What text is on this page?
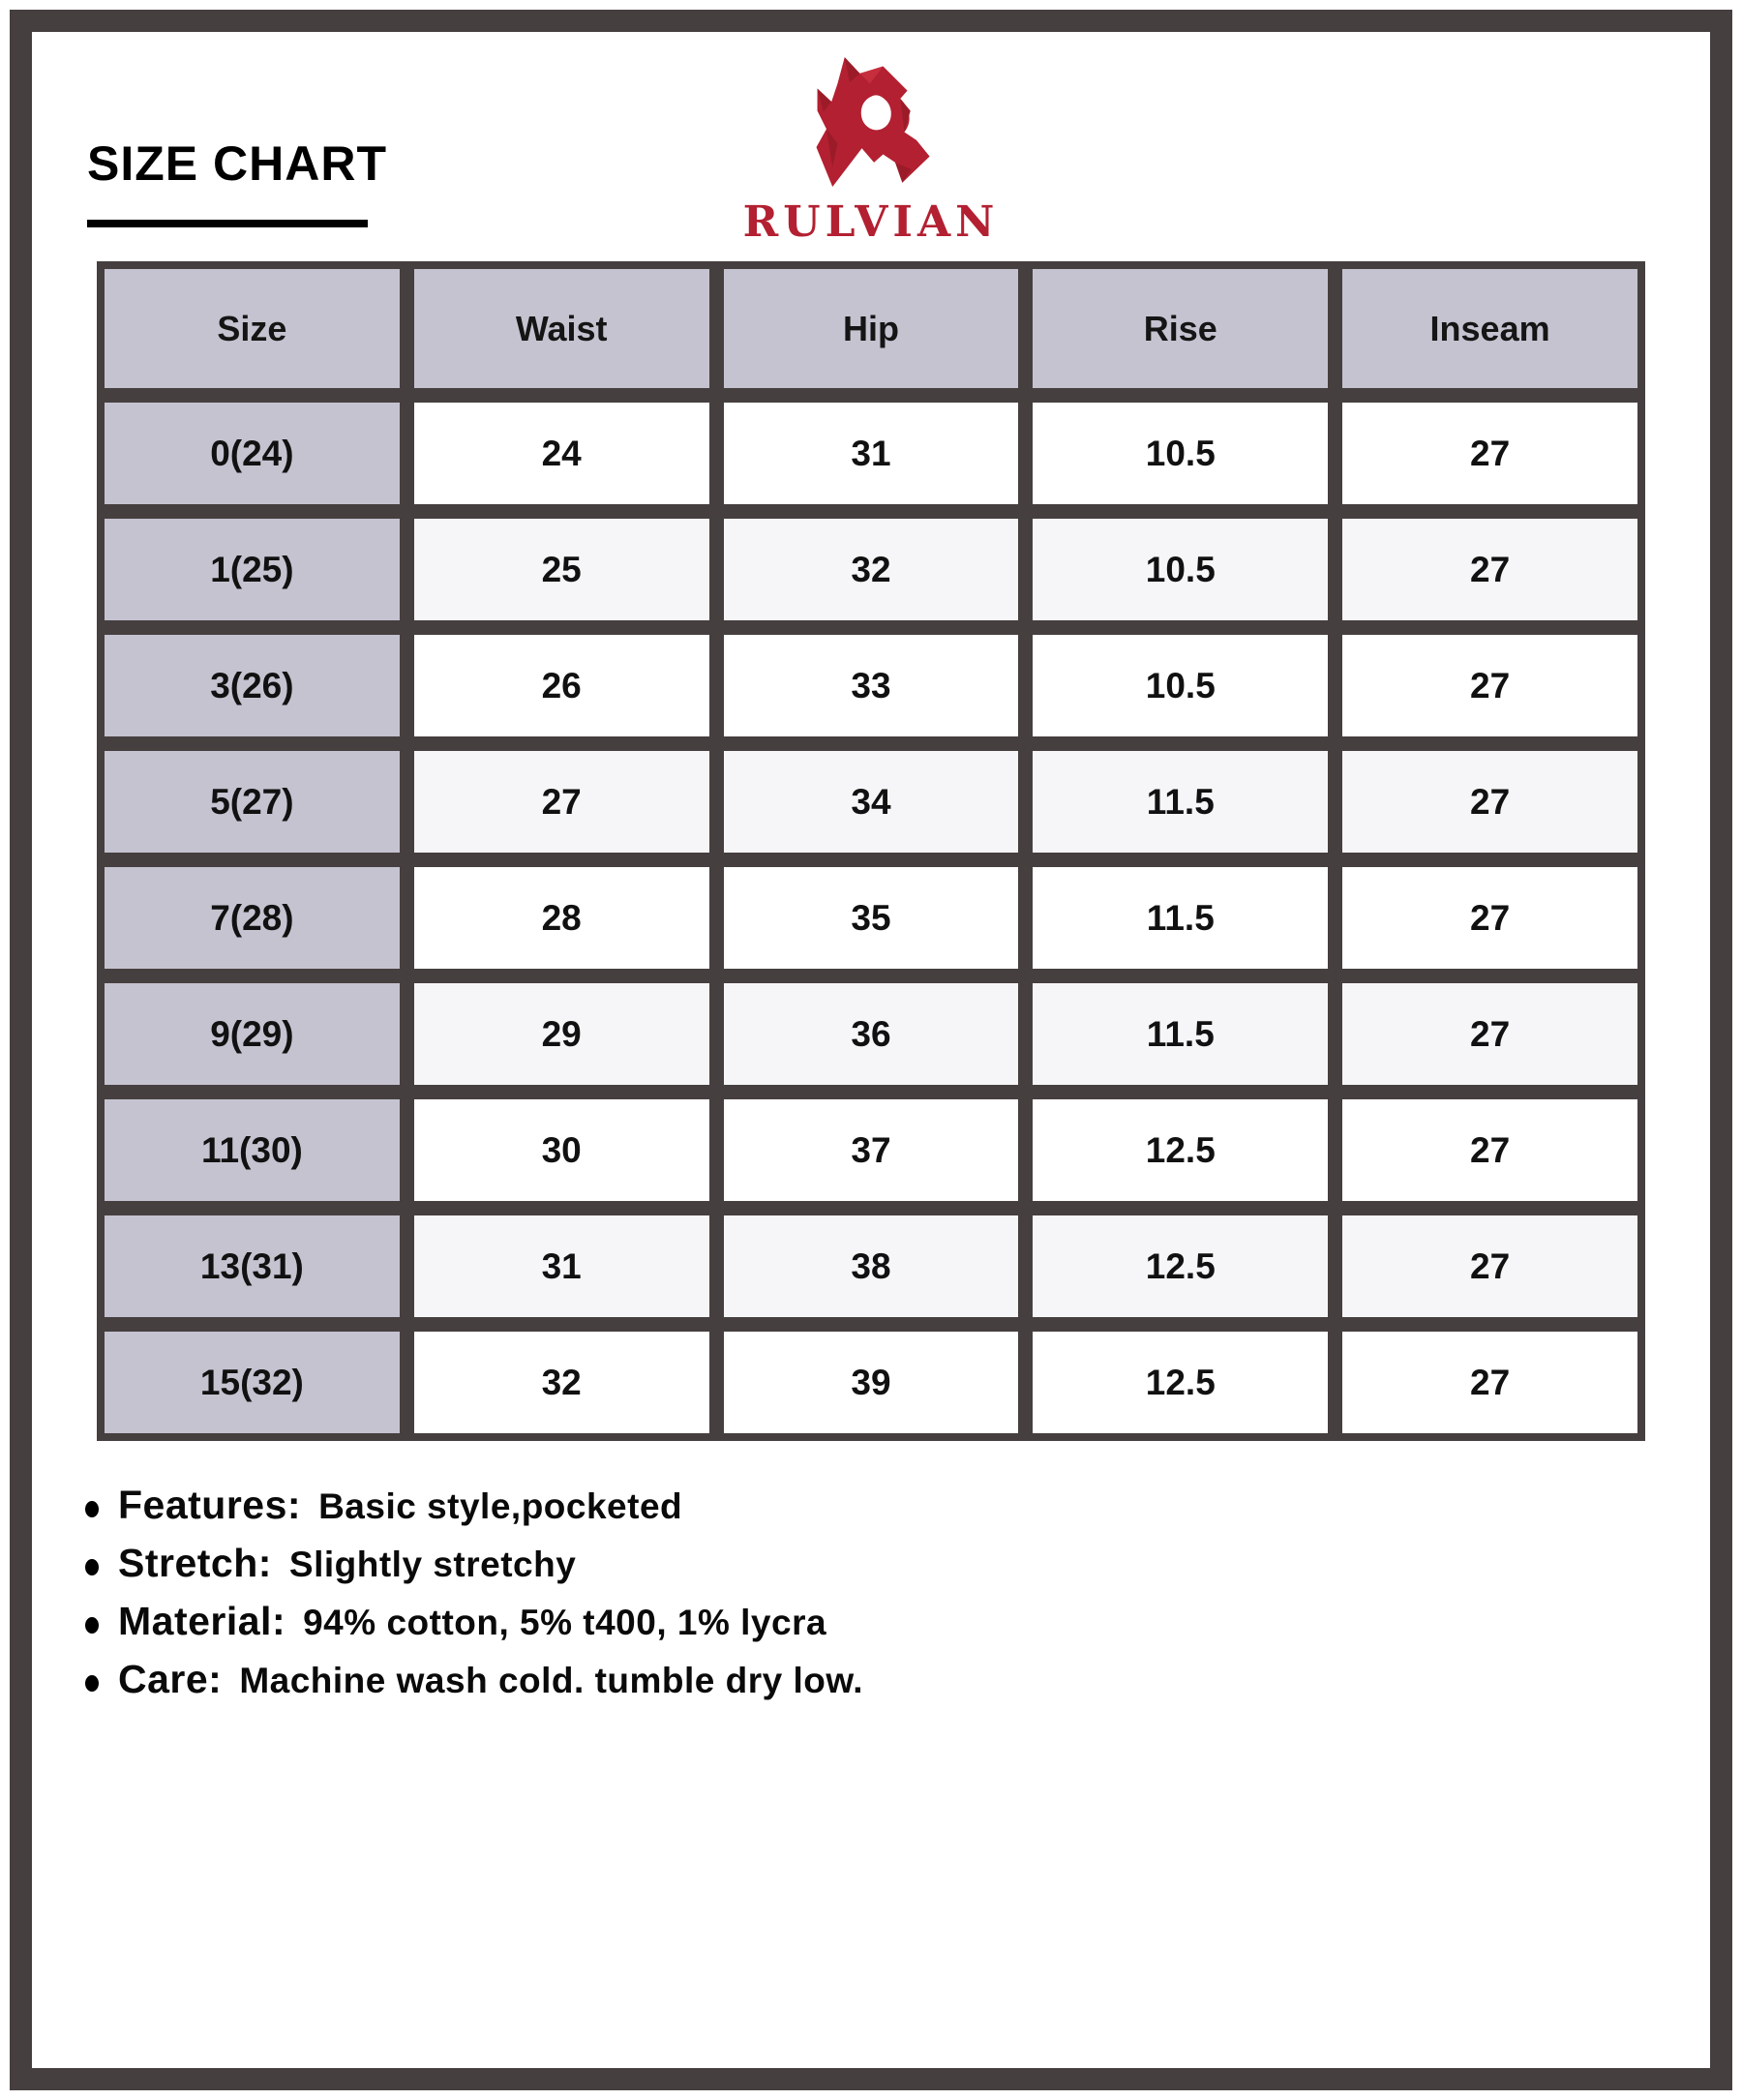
SIZE CHART
RULVIAN
Size	Waist	Hip	Rise	Inseam
0(24)	24	31	10.5	27
1(25)	25	32	10.5	27
3(26)	26	33	10.5	27
5(27)	27	34	11.5	27
7(28)	28	35	11.5	27
9(29)	29	36	11.5	27
11(30)	30	37	12.5	27
13(31)	31	38	12.5	27
15(32)	32	39	12.5	27
Features: Basic style,pocketed
Stretch: Slightly stretchy
Material: 94% cotton, 5% t400, 1% lycra
Care: Machine wash cold. tumble dry low.
